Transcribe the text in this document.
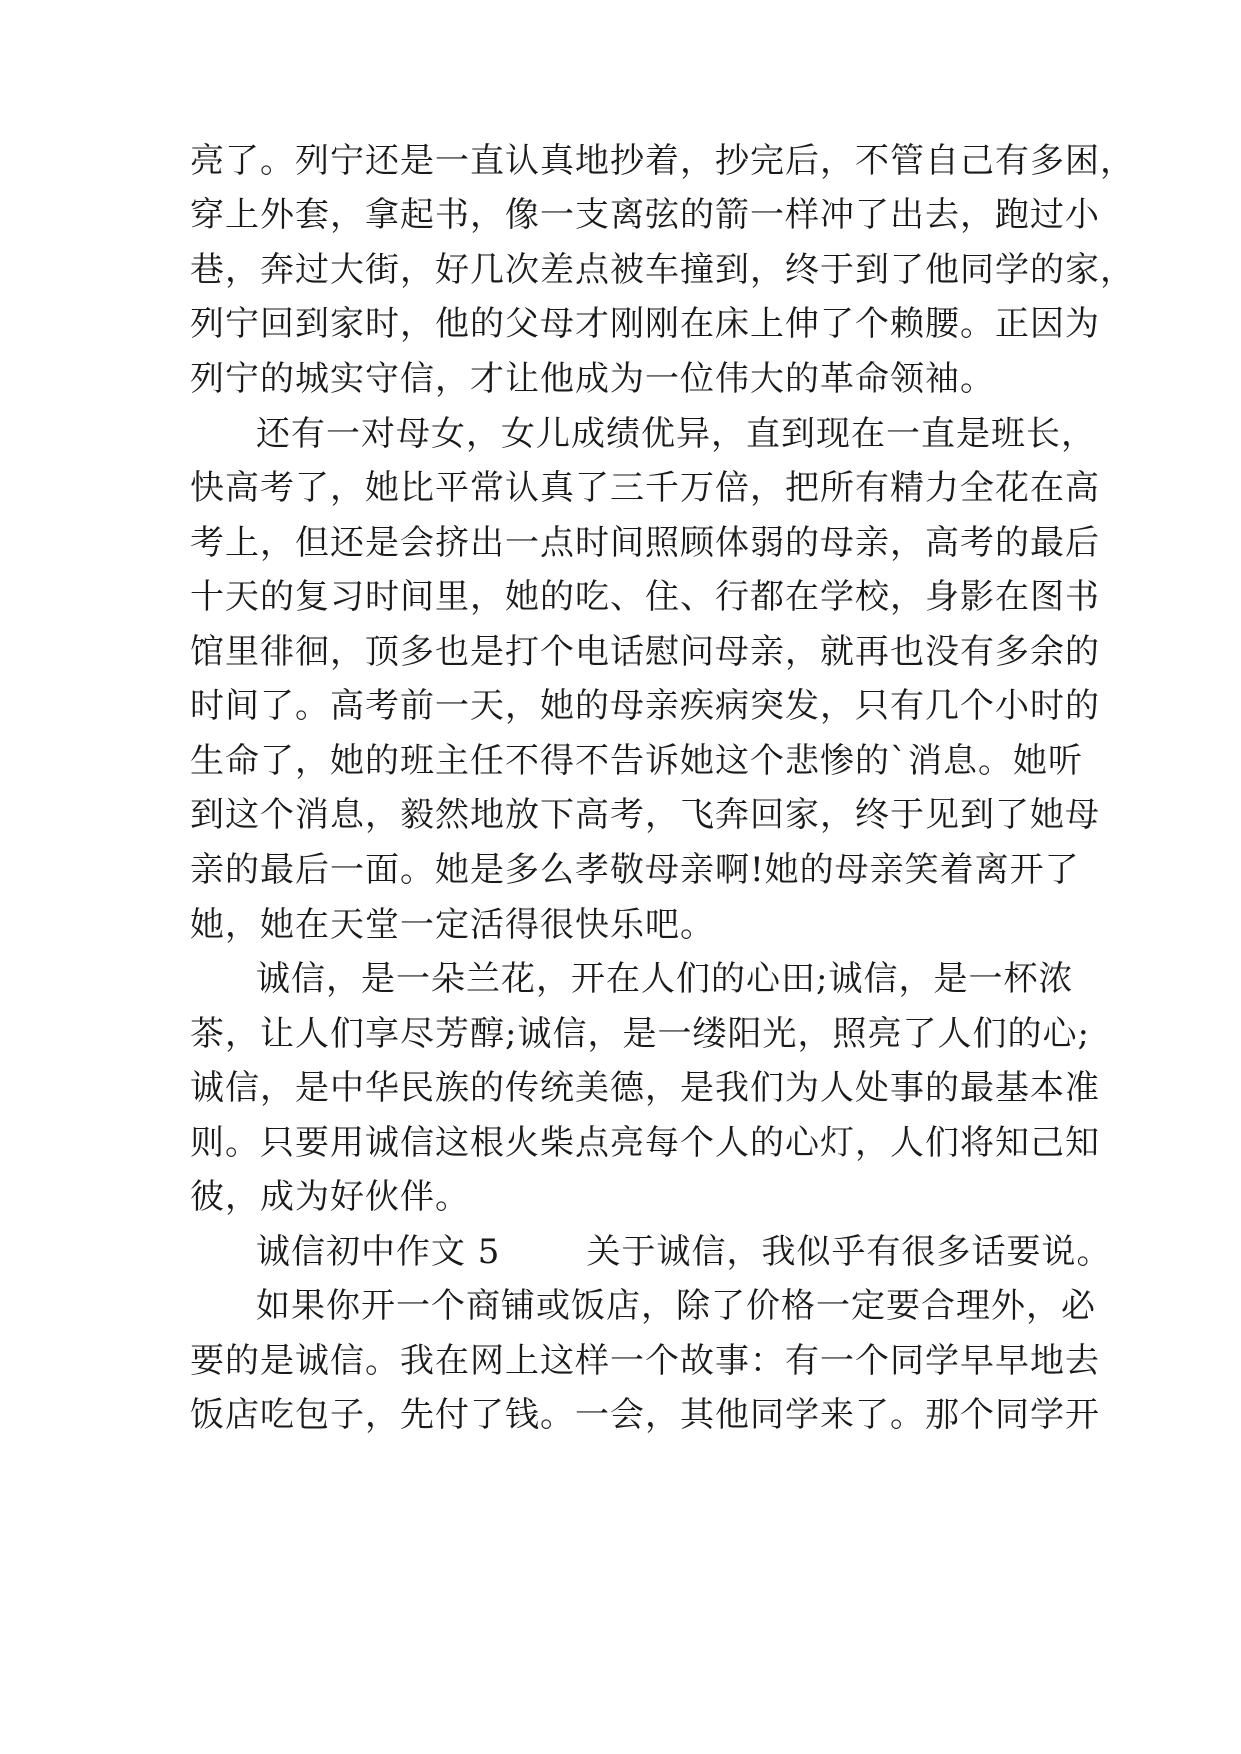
亮了。列宁还是一直认真地抄着，抄完后，不管自己有多困，
穿上外套，拿起书，像一支离弦的箭一样冲了出去，跑过小
巷，奔过大街，好几次差点被车撞到，终于到了他同学的家，
列宁回到家时，他的父母才刚刚在床上伸了个赖腰。正因为
列宁的城实守信，才让他成为一位伟大的革命领袖。
还有一对母女，女儿成绩优异，直到现在一直是班长，
快高考了，她比平常认真了三千万倍，把所有精力全花在高
考上，但还是会挤出一点时间照顾体弱的母亲，高考的最后
十天的复习时间里，她的吃、住、行都在学校，身影在图书
馆里徘徊，顶多也是打个电话慰问母亲，就再也没有多余的
时间了。高考前一天，她的母亲疾病突发，只有几个小时的
生命了，她的班主任不得不告诉她这个悲惨的`消息。她听
到这个消息，毅然地放下高考，飞奔回家，终于见到了她母
亲的最后一面。她是多么孝敬母亲啊!她的母亲笑着离开了
她，她在天堂一定活得很快乐吧。
诚信，是一朵兰花，开在人们的心田;诚信，是一杯浓
茶，让人们享尽芳醇;诚信，是一缕阳光，照亮了人们的心;
诚信，是中华民族的传统美德，是我们为人处事的最基本准
则。只要用诚信这根火柴点亮每个人的心灯，人们将知己知
彼，成为好伙伴。
诚信初中作文 5	关于诚信，我似乎有很多话要说。
如果你开一个商铺或饭店，除了价格一定要合理外，必
要的是诚信。我在网上这样一个故事：有一个同学早早地去
饭店吃包子，先付了钱。一会，其他同学来了。那个同学开
